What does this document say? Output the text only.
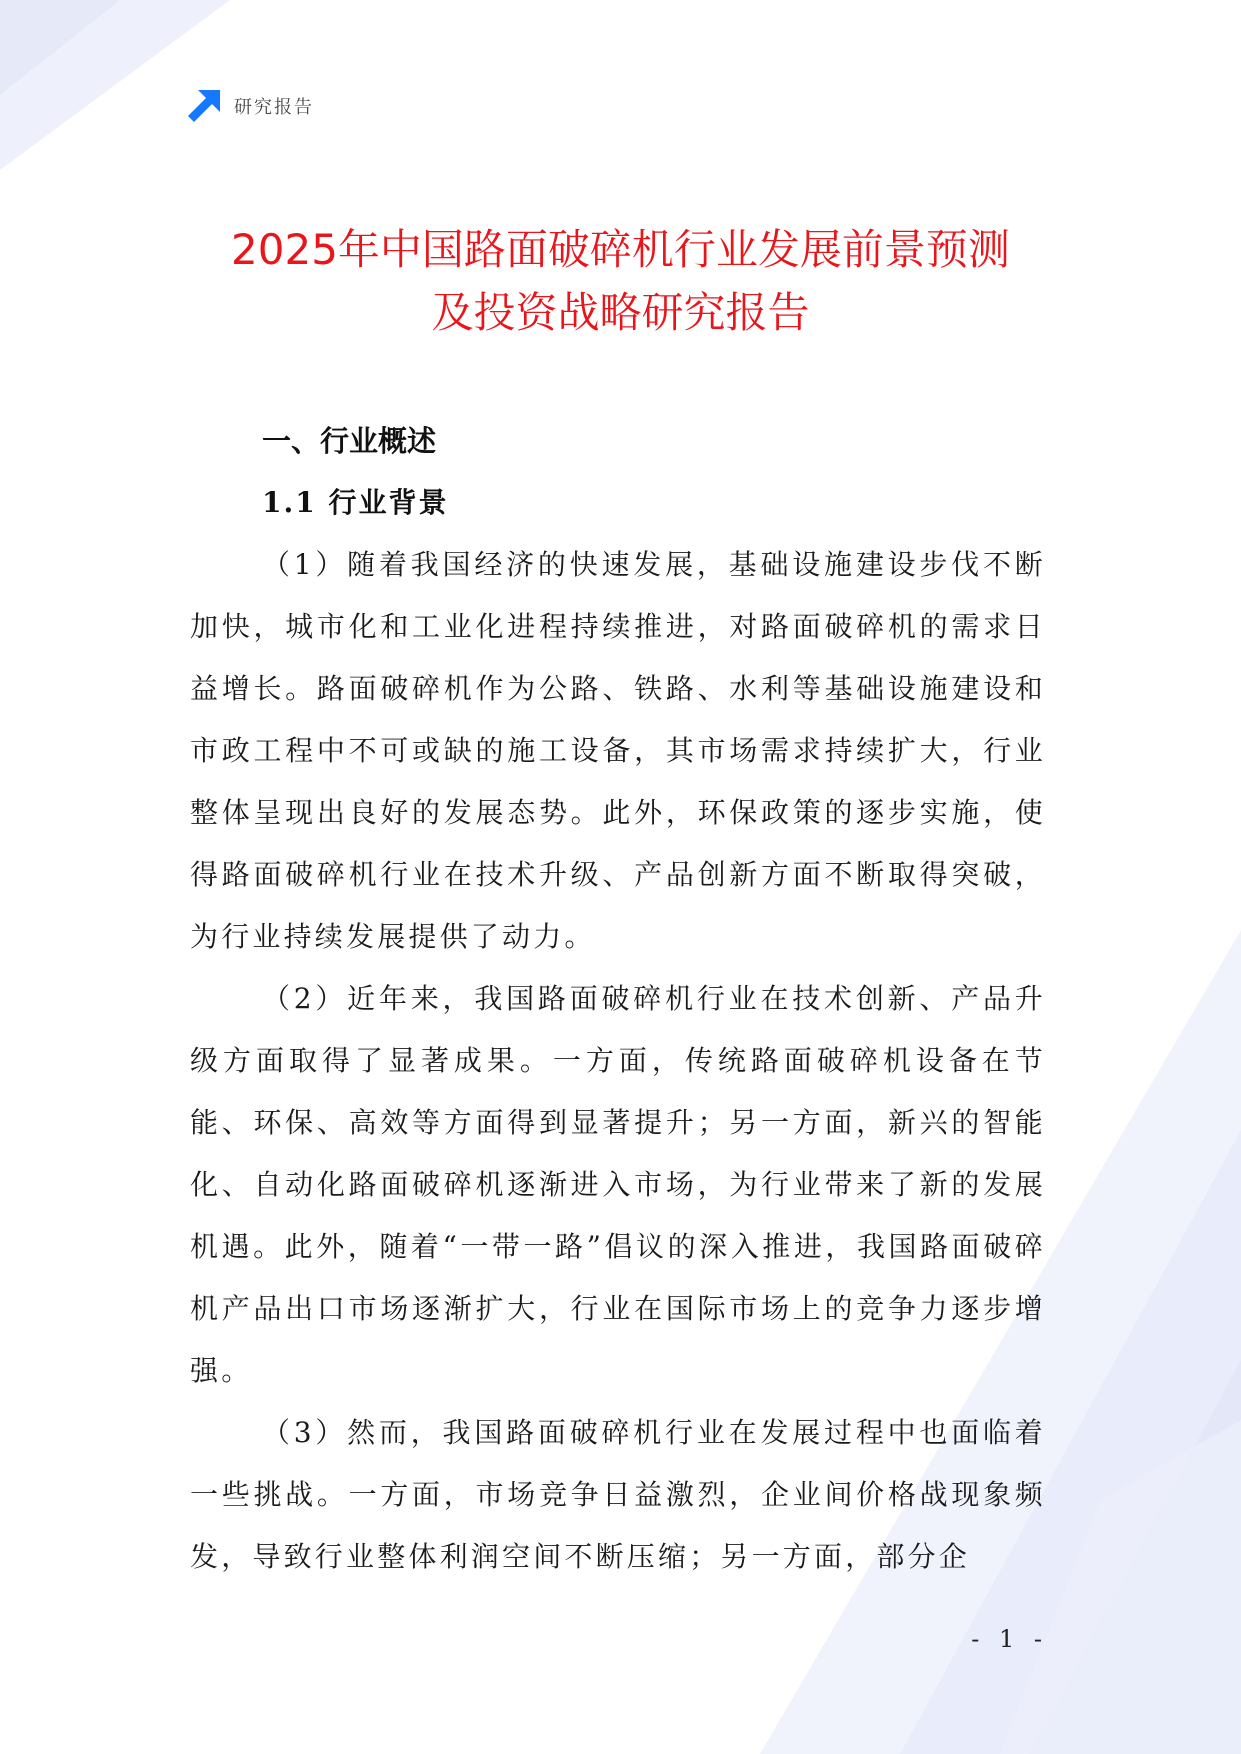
研究报告
2025年中国路面破碎机行业发展前景预测
及投资战略研究报告
一、行业概述
1.1 行业背景

（1）随着我国经济的快速发展，基础设施建设步伐不断加快，城市化和工业化进程持续推进，对路面破碎机的需求日益增长。路面破碎机作为公路、铁路、水利等基础设施建设和市政工程中不可或缺的施工设备，其市场需求持续扩大，行业整体呈现出良好的发展态势。此外，环保政策的逐步实施，使得路面破碎机行业在技术升级、产品创新方面不断取得突破，为行业持续发展提供了动力。

（2）近年来，我国路面破碎机行业在技术创新、产品升级方面取得了显著成果。一方面，传统路面破碎机设备在节能、环保、高效等方面得到显著提升；另一方面，新兴的智能化、自动化路面破碎机逐渐进入市场，为行业带来了新的发展机遇。此外，随着“一带一路”倡议的深入推进，我国路面破碎机产品出口市场逐渐扩大，行业在国际市场上的竞争力逐步增强。

（3）然而，我国路面破碎机行业在发展过程中也面临着一些挑战。一方面，市场竞争日益激烈，企业间价格战现象频发，导致行业整体利润空间不断压缩；另一方面，部分企

- 1 -
